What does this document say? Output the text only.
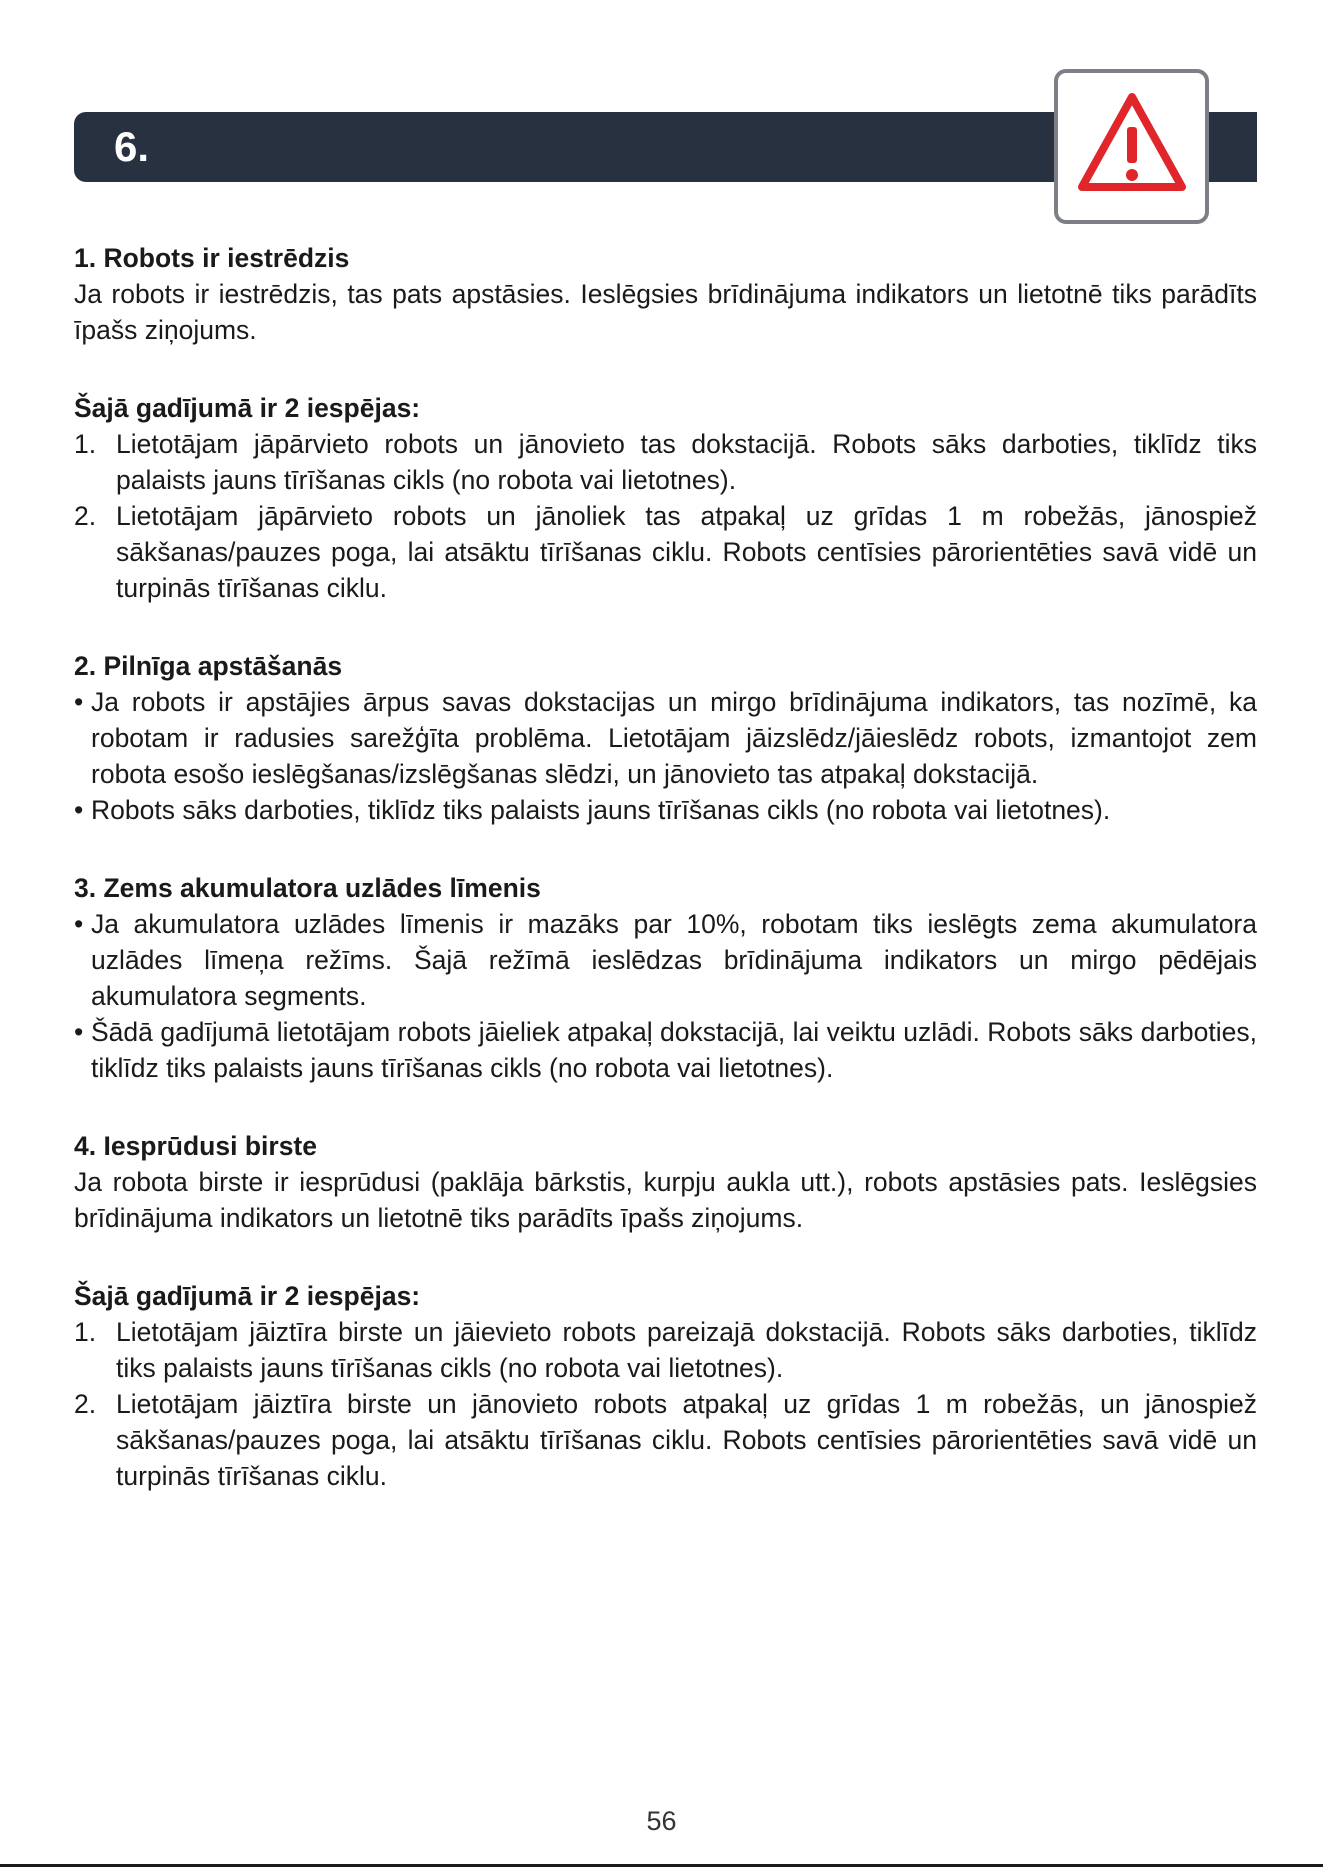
6.

1. Robots ir iestrēdzis

Ja robots ir iestrēdzis, tas pats apstāsies. Ieslēgsies brīdinājuma indikators un lietotnē tiks parādīts īpašs ziņojums.

Šajā gadījumā ir 2 iespējas:

1. Lietotājam jāpārvieto robots un jānovieto tas dokstacijā. Robots sāks darboties, tiklīdz tiks palaists jauns tīrīšanas cikls (no robota vai lietotnes).
2. Lietotājam jāpārvieto robots un jānoliek tas atpakaļ uz grīdas 1 m robežās, jānospiež sākšanas/pauzes poga, lai atsāktu tīrīšanas ciklu. Robots centīsies pārorientēties savā vidē un turpinās tīrīšanas ciklu.

2. Pilnīga apstāšanās

• Ja robots ir apstājies ārpus savas dokstacijas un mirgo brīdinājuma indikators, tas nozīmē, ka robotam ir radusies sarežģīta problēma. Lietotājam jāizslēdz/jāieslēdz robots, izmantojot zem robota esošo ieslēgšanas/izslēgšanas slēdzi, un jānovieto tas atpakaļ dokstacijā.
• Robots sāks darboties, tiklīdz tiks palaists jauns tīrīšanas cikls (no robota vai lietotnes).

3. Zems akumulatora uzlādes līmenis

• Ja akumulatora uzlādes līmenis ir mazāks par 10%, robotam tiks ieslēgts zema akumulatora uzlādes līmeņa režīms. Šajā režīmā ieslēdzas brīdinājuma indikators un mirgo pēdējais akumulatora segments.
• Šādā gadījumā lietotājam robots jāieliek atpakaļ dokstacijā, lai veiktu uzlādi. Robots sāks darboties, tiklīdz tiks palaists jauns tīrīšanas cikls (no robota vai lietotnes).

4. Iesprūdusi birste

Ja robota birste ir iesprūdusi (paklāja bārkstis, kurpju aukla utt.), robots apstāsies pats. Ieslēgsies brīdinājuma indikators un lietotnē tiks parādīts īpašs ziņojums.

Šajā gadījumā ir 2 iespējas:

1. Lietotājam jāiztīra birste un jāievieto robots pareizajā dokstacijā. Robots sāks darboties, tiklīdz tiks palaists jauns tīrīšanas cikls (no robota vai lietotnes).
2. Lietotājam jāiztīra birste un jānovieto robots atpakaļ uz grīdas 1 m robežās, un jānospiež sākšanas/pauzes poga, lai atsāktu tīrīšanas ciklu. Robots centīsies pārorientēties savā vidē un turpinās tīrīšanas ciklu.
56
